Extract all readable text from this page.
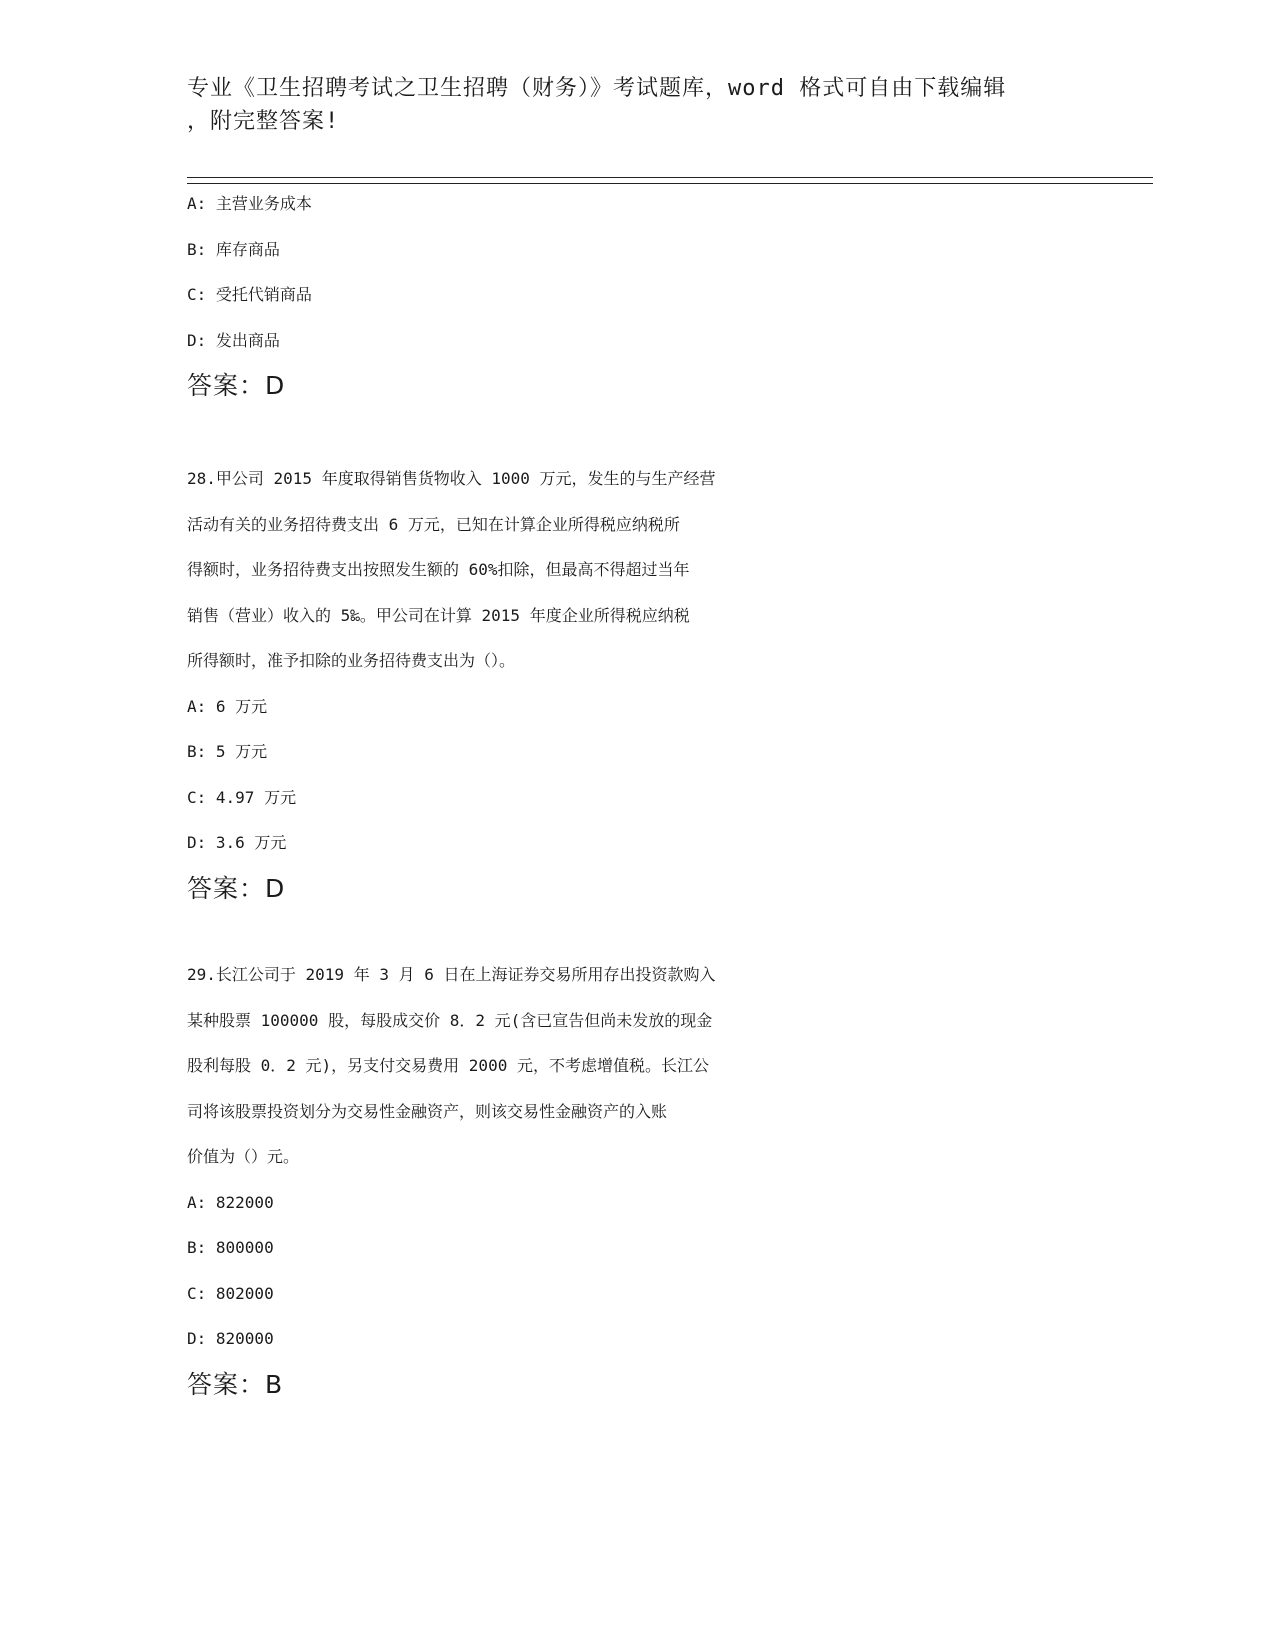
专业《卫生招聘考试之卫生招聘（财务）》考试题库，word 格式可自由下载编辑
，附完整答案!
A: 主营业务成本
B: 库存商品
C: 受托代销商品
D: 发出商品
答案：D
28.甲公司 2015 年度取得销售货物收入 1000 万元，发生的与生产经营
活动有关的业务招待费支出 6 万元，已知在计算企业所得税应纳税所
得额时，业务招待费支出按照发生额的 60%扣除，但最高不得超过当年
销售（营业）收入的 5‰。甲公司在计算 2015 年度企业所得税应纳税
所得额时，准予扣除的业务招待费支出为（）。
A: 6 万元
B: 5 万元
C: 4.97 万元
D: 3.6 万元
答案：D
29.长江公司于 2019 年 3 月 6 日在上海证券交易所用存出投资款购入
某种股票 100000 股，每股成交价 8．2 元(含已宣告但尚未发放的现金
股利每股 0．2 元)，另支付交易费用 2000 元，不考虑增值税。长江公
司将该股票投资划分为交易性金融资产，则该交易性金融资产的入账
价值为（）元。
A: 822000
B: 800000
C: 802000
D: 820000
答案：B
